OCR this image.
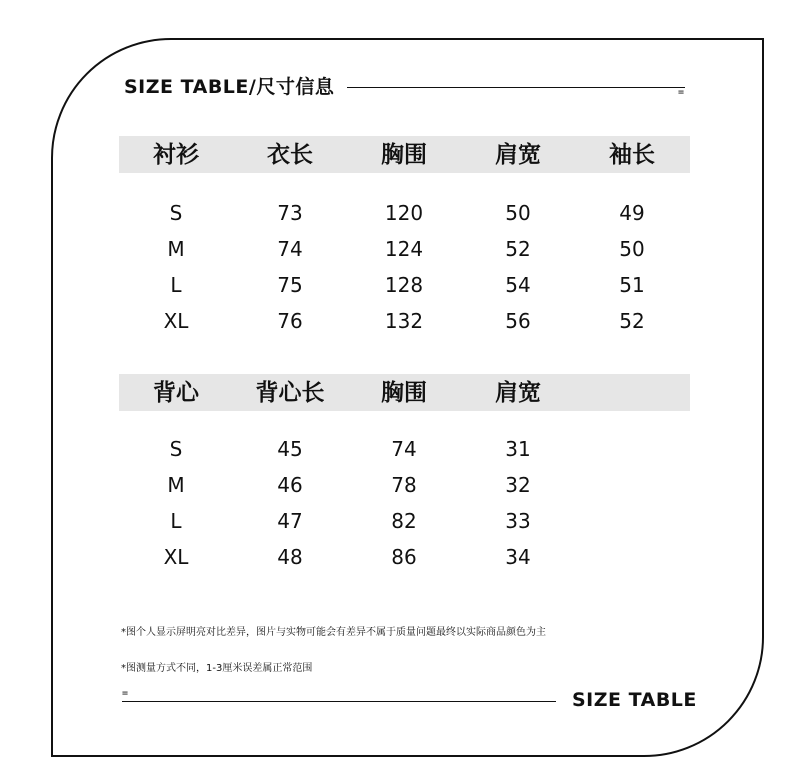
SIZE TABLE/尺寸信息	=
衬衫	衣长	胸围	肩宽	袖长
S	73	120	50	49
M	74	124	52	50
L	75	128	54	51
XL	76	132	56	52
背心	背心长	胸围	肩宽
S	45	74	31
M	46	78	32
L	47	82	33
XL	48	86	34
*图个人显示屏明亮对比差异，图片与实物可能会有差异不属于质量问题最终以实际商品颜色为主
*图测量方式不同，1-3厘米误差属正常范围
=	SIZE TABLE
